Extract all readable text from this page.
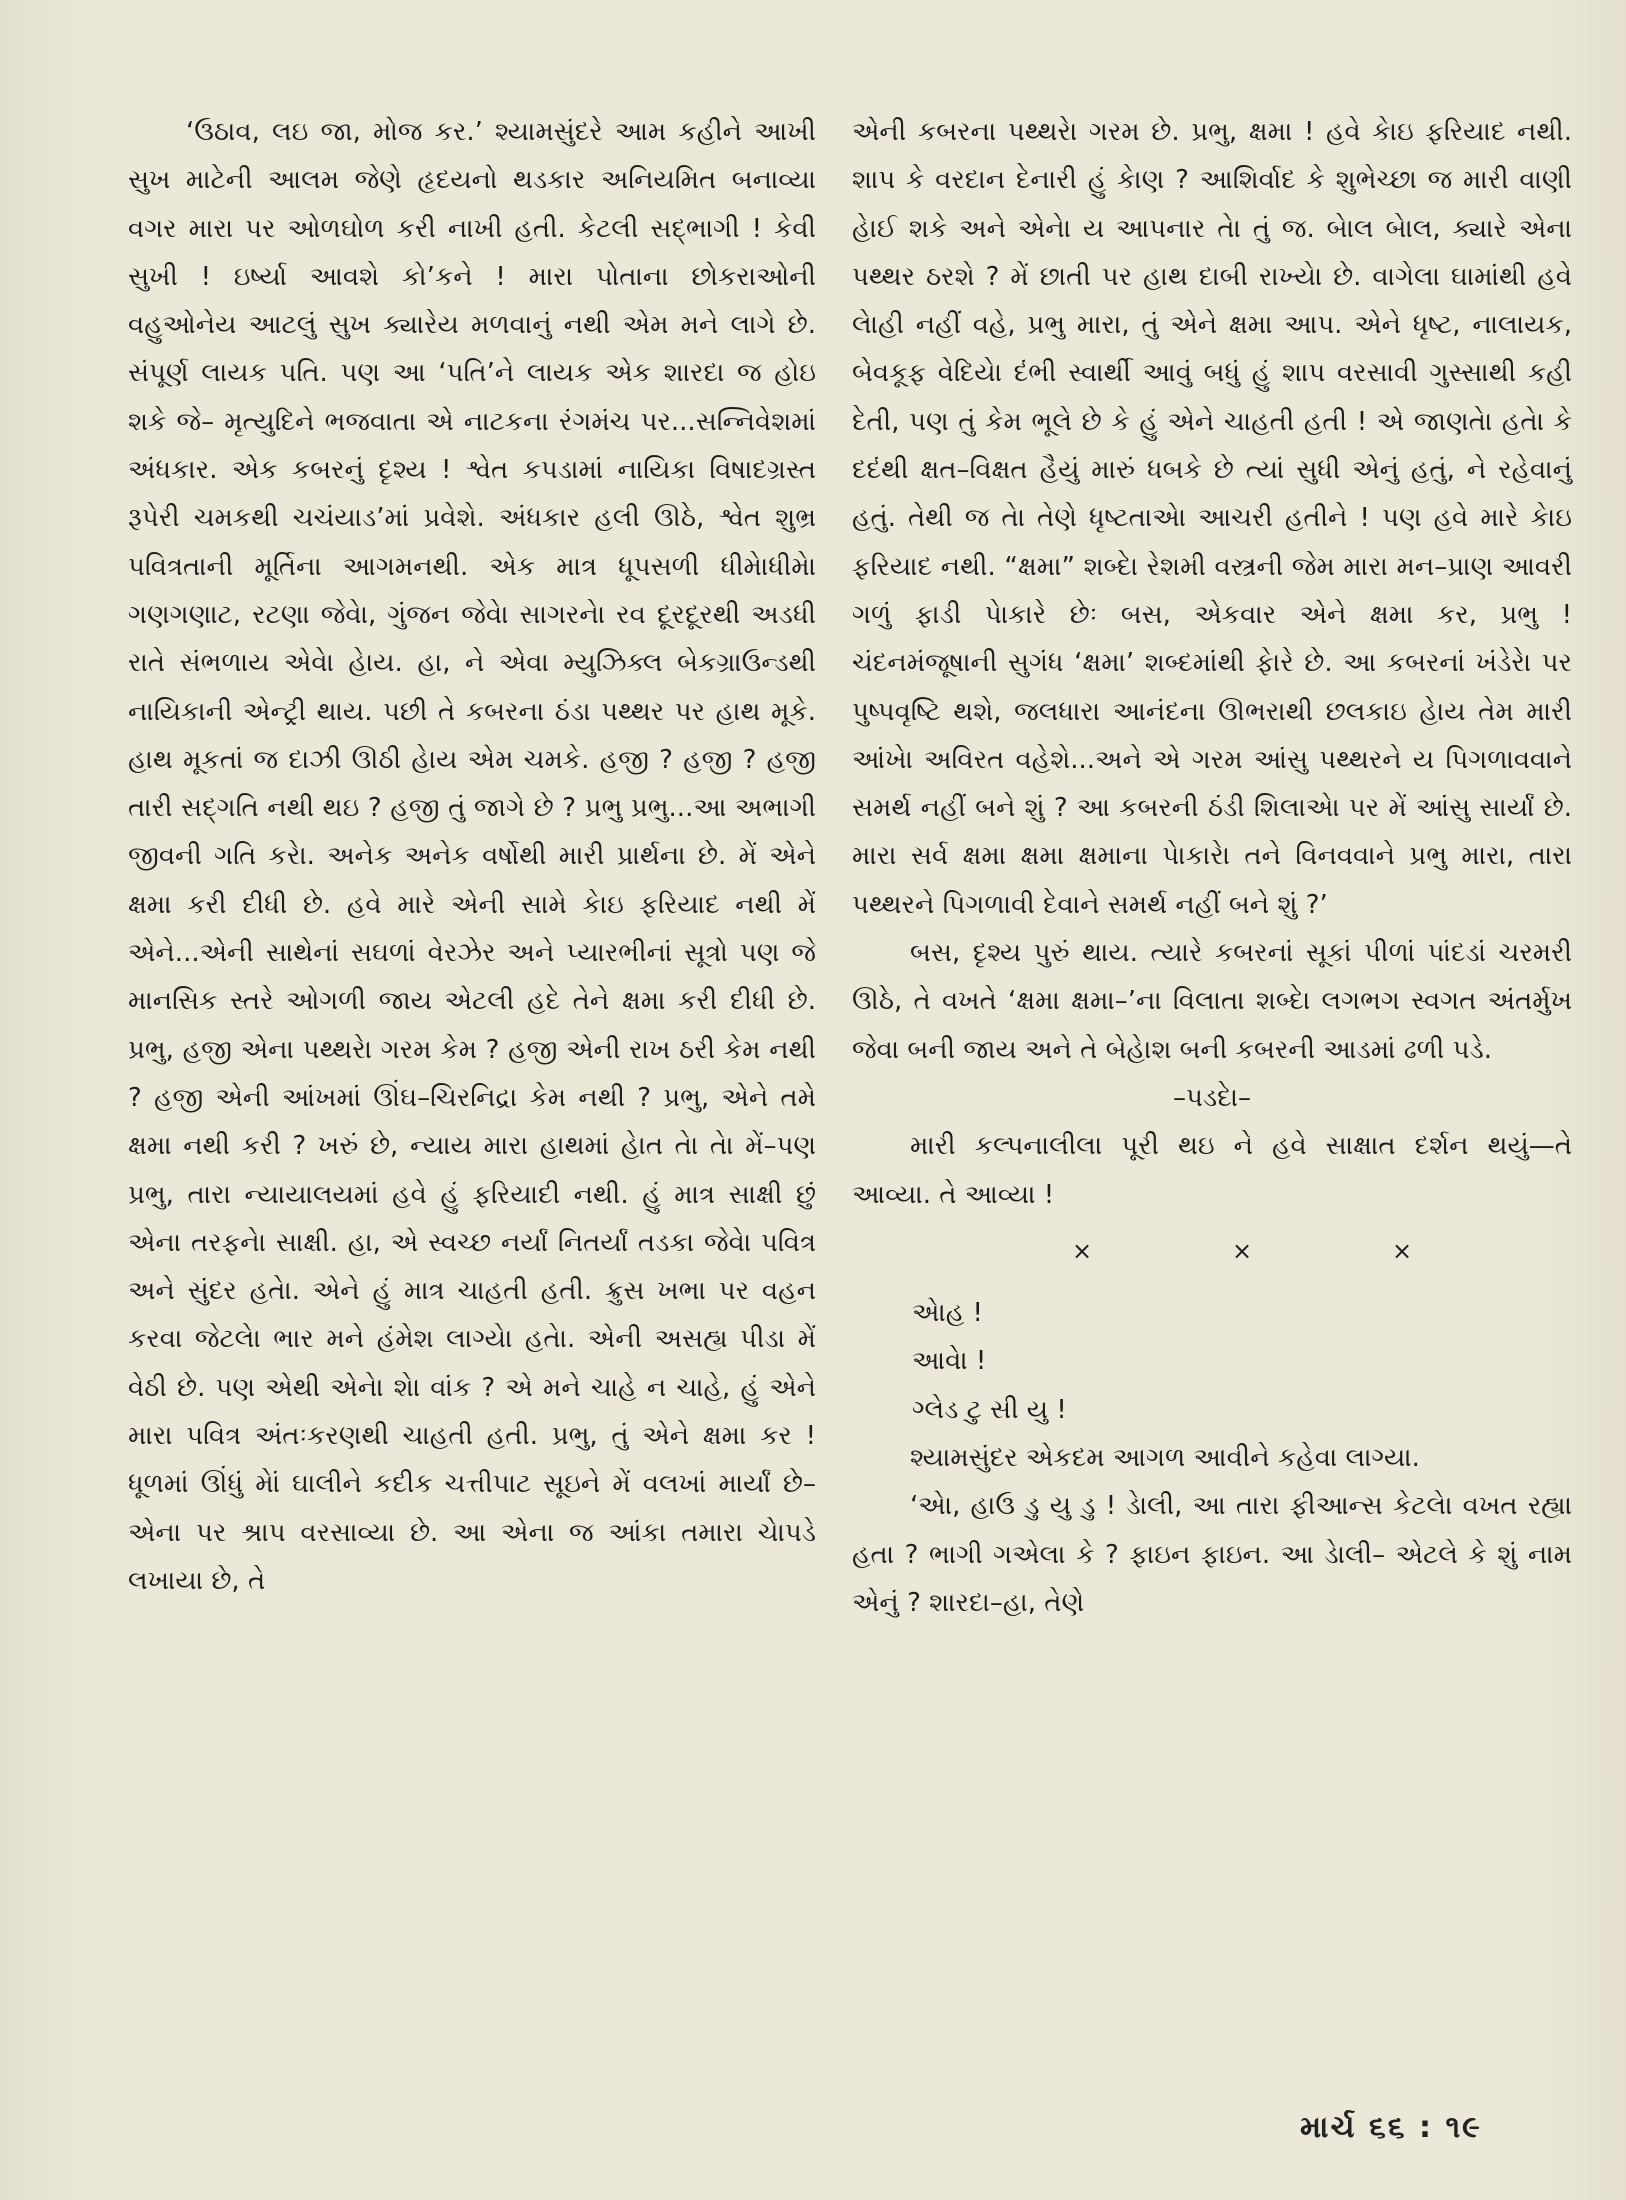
‘ઉઠાવ, લઇ જા, મોજ કર.’ શ્યામસુંદરે આમ કહીને આખી સુખ માટેની આલમ જેણે હૃદયનો થડકાર અનિયમિત બનાવ્યા વગર મારા પર ઓળઘોળ કરી નાખી હતી. કેટલી સદ્‌ભાગી ! કેવી સુખી ! ઇર્ષ્યા આવશે કો’કને ! મારા પોતાના છોકરાઓની વહુઓનેય આટલું સુખ ક્યારેય મળવાનું નથી એમ મને લાગે છે. સંપૂર્ણ લાયક પતિ. પણ આ ‘પતિ’ને લાયક એક શારદા જ હોઇ શકે જે– મૃત્યુદિને ભજવાતા એ નાટકના રંગમંચ પર...સન્નિવેશમાં અંધકાર. એક કબરનું દૃશ્ય ! શ્વેત કપડામાં નાયિકા વિષાદગ્રસ્ત રૂપેરી ચમકથી ચચંયાડ’માં પ્રવેશે. અંધકાર હલી ઊઠે, શ્વેત શુભ્ર પવિત્રતાની મૂર્તિના આગમનથી. એક માત્ર ધૂપસળી ધીમેાધીમેા ગણગણાટ, રટણા જેવેા, ગુંજન જેવેા સાગરનેા રવ દૂરદૂરથી અડધી રાતે સંભળાય એવેા હેાય. હા, ને એવા મ્યુઝિક્લ બેકગ્રાઉન્ડથી નાયિકાની એન્ટ્રી થાય. પછી તે કબરના ઠંડા પથ્થર પર હાથ મૂકે. હાથ મૂકતાં જ દાઝી ઊઠી હેાય એમ ચમકે. હજી ? હજી ? હજી તારી સદ્‌ગતિ નથી થઇ ? હજી તું જાગે છે ? પ્રભુ પ્રભુ...આ અભાગી જીવની ગતિ કરેા. અનેક અનેક વર્ષોથી મારી પ્રાર્થના છે. મેં એને ક્ષમા કરી દીધી છે. હવે મારે એની સામે કેાઇ ફરિયાદ નથી મેં એને...એની સાથેનાં સઘળાં વેરઝેર અને પ્યારભીનાં સૂત્રો પણ જે માનસિક સ્તરે ઓગળી જાય એટલી હદે તેને ક્ષમા કરી દીધી છે. પ્રભુ, હજી એના પથ્થરેા ગરમ કેમ ? હજી એની રાખ ઠરી કેમ નથી ? હજી એની આંખમાં ઊંઘ–ચિરનિદ્રા કેમ નથી ? પ્રભુ, એને તમે ક્ષમા નથી કરી ? ખરું છે, ન્યાય મારા હાથમાં હેાત તેા તેા મેં–પણ પ્રભુ, તારા ન્યાયાલયમાં હવે હું ફરિયાદી નથી. હું માત્ર સાક્ષી છું એના તરફનેા સાક્ષી. હા, એ સ્વચ્છ નર્યાં નિતર્યાં તડકા જેવેા પવિત્ર અને સુંદર હતેા. એને હું માત્ર ચાહતી હતી. ક્રુસ ખભા પર વહન કરવા જેટલેા ભાર મને હંમેશ લાગ્યેા હતેા. એની અસહ્ય પીડા મેં વેઠી છે. પણ એથી એનેા શેા વાંક ? એ મને ચાહે ન ચાહે, હું એને મારા પવિત્ર અંતઃકરણથી ચાહતી હતી. પ્રભુ, તું એને ક્ષમા કર ! ધૂળમાં ઊંધું મેાં ઘાલીને કદીક ચત્તીપાટ સૂઇને મેં વલખાં માર્યાં છે–એના પર શ્રાપ વરસાવ્યા છે. આ એના જ આંકા તમારા ચેાપડે લખાયા છે, તે

એની કબરના પથ્થરેા ગરમ છે. પ્રભુ, ક્ષમા ! હવે કેાઇ ફરિયાદ નથી. શાપ કે વરદાન દેનારી હું કેાણ ? આશિર્વાદ કે શુભેચ્છા જ મારી વાણી હેાઈ શકે અને એનેા ય આપનાર તેા તું જ. બેાલ બેાલ, ક્યારે એના પથ્થર ઠરશે ? મેં છાતી પર હાથ દાબી રાખ્યેા છે. વાગેલા ઘામાંથી હવે લેાહી નહીં વહે, પ્રભુ મારા, તું એને ક્ષમા આપ. એને ધૃષ્ટ, નાલાયક, બેવકૂફ વેદિયેા દંભી સ્વાર્થી આવું બધું હું શાપ વરસાવી ગુસ્સાથી કહી દેતી, પણ તું કેમ ભૂલે છે કે હું એને ચાહતી હતી ! એ જાણતેા હતેા કે દદંથી ક્ષત–વિક્ષત હૈયું મારું ધબકે છે ત્યાં સુધી એનું હતું, ને રહેવાનું હતું. તેથી જ તેા તેણે ધૃષ્ટતાએા આચરી હતીને ! પણ હવે મારે કેાઇ ફરિયાદ નથી. “ક્ષમા” શબ્દેા રેશમી વસ્ત્રની જેમ મારા મન–પ્રાણ આવરી ગળું ફાડી પેાકારે છેઃ બસ, એકવાર એને ક્ષમા કર, પ્રભુ ! ચંદનમંજૂષાની સુગંધ ‘ક્ષમા’ શબ્દમાંથી ફેારે છે. આ કબરનાં ખંડેરેા પર પુષ્પવૃષ્ટિ થશે, જલધારા આનંદના ઊભરાથી છલકાઇ હેાય તેમ મારી આંખેા અવિરત વહેશે...અને એ ગરમ આંસુ પથ્થરને ય પિગળાવવાને સમર્થ નહીં બને શું ? આ કબરની ઠંડી શિલાએા પર મેં આંસુ સાર્યાં છે. મારા સર્વ ક્ષમા ક્ષમા ક્ષમાના પેાકારેા તને વિનવવાને પ્રભુ મારા, તારા પથ્થરને પિગળાવી દેવાને સમર્થ નહીં બને શું ?’

બસ, દૃશ્ય પુરું થાય. ત્યારે કબરનાં સૂકાં પીળાં પાંદડાં ચરમરી ઊઠે, તે વખતે ‘ક્ષમા ક્ષમા–’ના વિલાતા શબ્દેા લગભગ સ્વગત અંતર્મુખ જેવા બની જાય અને તે બેહેાશ બની કબરની આડમાં ઢળી પડે.

–પડદેા–

મારી કલ્પનાલીલા પૂરી થઇ ને હવે સાક્ષાત દર્શન થયું—તે આવ્યા. તે આવ્યા !

×	×	×

એાહ !

આવેા !

ગ્લેડ ટુ સી યુ !

શ્યામસુંદર એકદમ આગળ આવીને કહેવા લાગ્યા.

‘એા, હાઉ ડુ યુ ડુ ! ડેાલી, આ તારા ફીઆન્સ કેટલેા વખત રહ્યા હતા ? ભાગી ગએલા કે ? ફાઇન ફાઇન. આ ડેાલી– એટલે કે શું નામ એનું ? શારદા–હા, તેણે

માર્ચ ૬૬ : ૧૯
